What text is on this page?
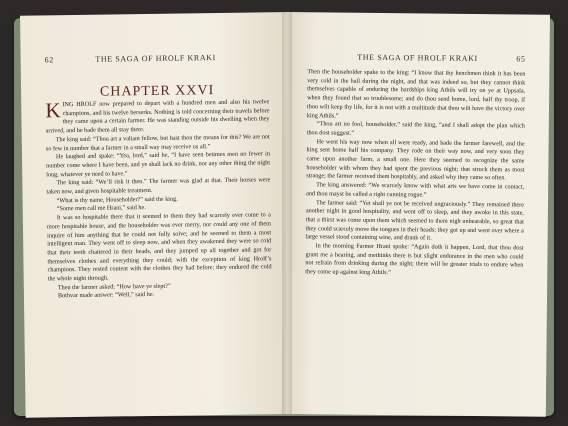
62	THE SAGA OF HROLF KRAKI
CHAPTER XXVI

KING HROLF now prepared to depart with a hundred men and also his twelve champions, and his twelve berserks. Nothing is told concerning their travels before they came upon a certain farmer. He was standing outside his dwelling when they arrived, and he bade them all stay there.

The king said: “Thou art a valiant fellow, but hast thou the means for this? We are not so few in number that a farmer in a small way may receive us all.”

He laughed and spake: “Yea, lord,” said he, “I have seen betimes men no fewer in number come where I have been, and ye shall lack no drink, nor any other thing the night long, whatever ye need to have.”

The king said: “We’ll risk it then.” The farmer was glad at that. Their horses were taken now, and given hospitable treatment.

“What is thy name, Householder?” said the king.

“Some men call me Hrani,” said he.

It was so hospitable there that it seemed to them they had scarcely ever come to a more hospitable house, and the householder was ever merry, nor could any one of them inquire of him anything that he could not fully solve; and he seemed to them a most intelligent man. They went off to sleep now, and when they awakened they were so cold that their teeth chattered in their heads, and they jumped up all together and got for themselves clothes and everything they could; with the exception of king Hrolf’s champions. They rested content with the clothes they had before; they endured the cold the whole night through.

Then the farmer asked: “How have ye slept?”

Bothvar made answer: “Well,” said he.

THE SAGA OF HROLF KRAKI	65

Then the householder spake to the king: “I know that thy henchmen think it has been very cold in the hall during the night, and that was indeed so, but they cannot think themselves capable of enduring the hardships king Athils will try on ye at Uppsala, when they found that so troublesome; and do thou send home, lord, half thy troop, if thou wilt keep thy life, for it is not with a multitude that thou wilt have the victory over king Athils.”

“Thou art no fool, householder,” said the king, “and I shall adopt the plan which thou dost suggest.”

He went his way now when all were ready, and bade the farmer farewell, and the king sent home half his company. They rode on their way now, and very soon they came upon another farm, a small one. Here they seemed to recognize the same householder with whom they had spent the previous night; that struck them as most strange; the farmer received them hospitably, and asked why they came so often.

The king answered: “We scarcely know with what arts we have come in contact, and thou mayst be called a right cunning rogue.”

The farmer said: “Yet shall ye not be received ungraciously.” They remained there another night in good hospitality, and went off to sleep, and they awoke in this state, that a thirst was come upon them which seemed to them nigh unbearable, so great that they could scarcely move the tongues in their heads; they got up and went over where a large vessel stood containing wine, and drank of it.

In the morning Farmer Hrani spoke: “Again doth it happen, Lord, that thou dost grant me a hearing, and methinks there is but slight endurance in the men who could not refrain from drinking during the night; there will be greater trials to endure when they come up against king Athils.”
